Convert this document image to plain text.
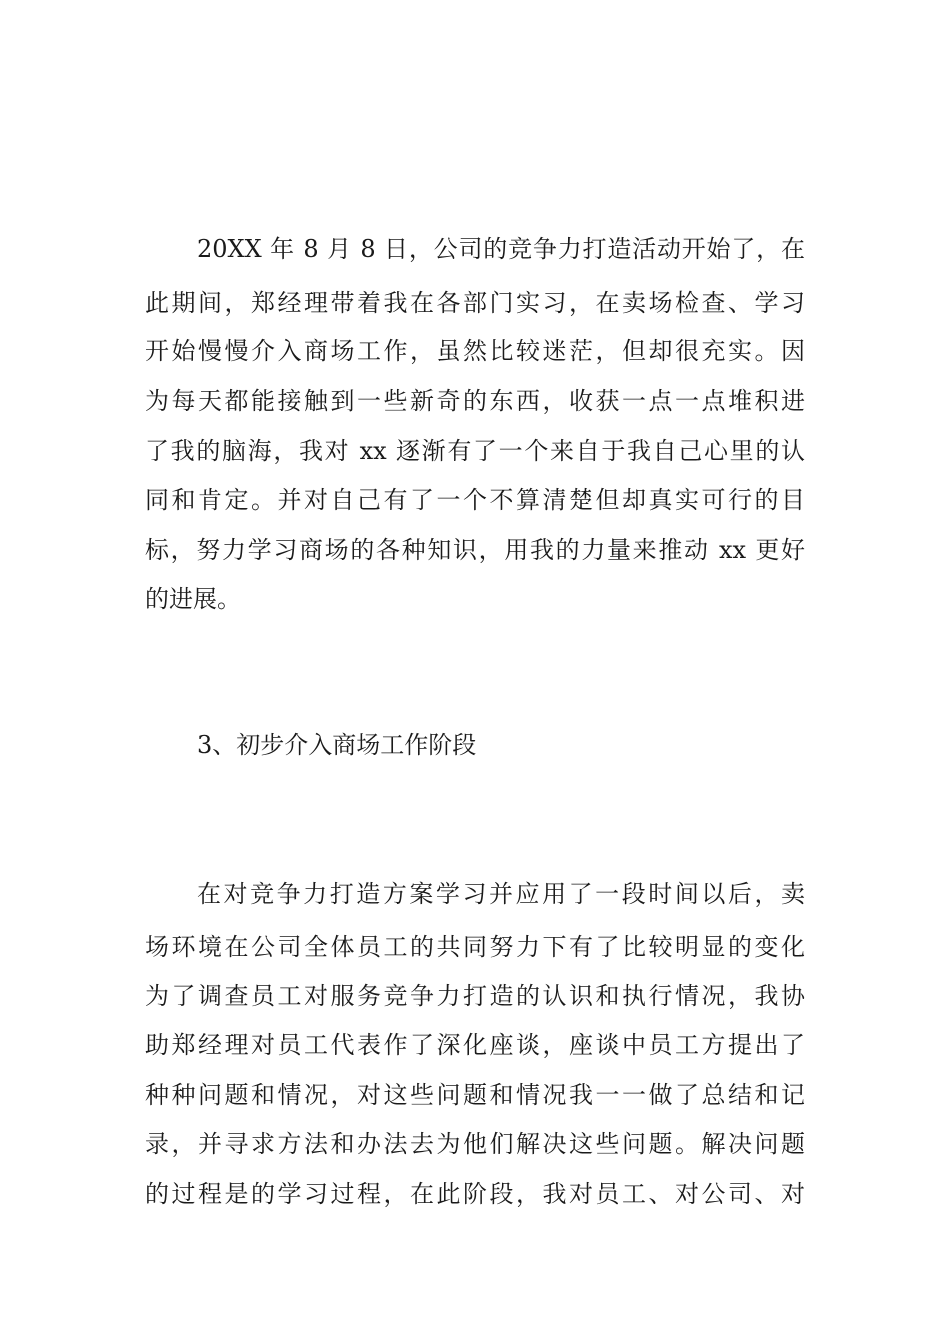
20XX 年 8 月 8 日，公司的竞争力打造活动开始了，在
此期间，郑经理带着我在各部门实习，在卖场检查、学习
开始慢慢介入商场工作，虽然比较迷茫，但却很充实。因
为每天都能接触到一些新奇的东西，收获一点一点堆积进
了我的脑海，我对 xx 逐渐有了一个来自于我自己心里的认
同和肯定。并对自己有了一个不算清楚但却真实可行的目
标，努力学习商场的各种知识，用我的力量来推动 xx 更好
的进展。
3、初步介入商场工作阶段
在对竞争力打造方案学习并应用了一段时间以后，卖
场环境在公司全体员工的共同努力下有了比较明显的变化
为了调查员工对服务竞争力打造的认识和执行情况，我协
助郑经理对员工代表作了深化座谈，座谈中员工方提出了
种种问题和情况，对这些问题和情况我一一做了总结和记
录，并寻求方法和办法去为他们解决这些问题。解决问题
的过程是的学习过程，在此阶段，我对员工、对公司、对
